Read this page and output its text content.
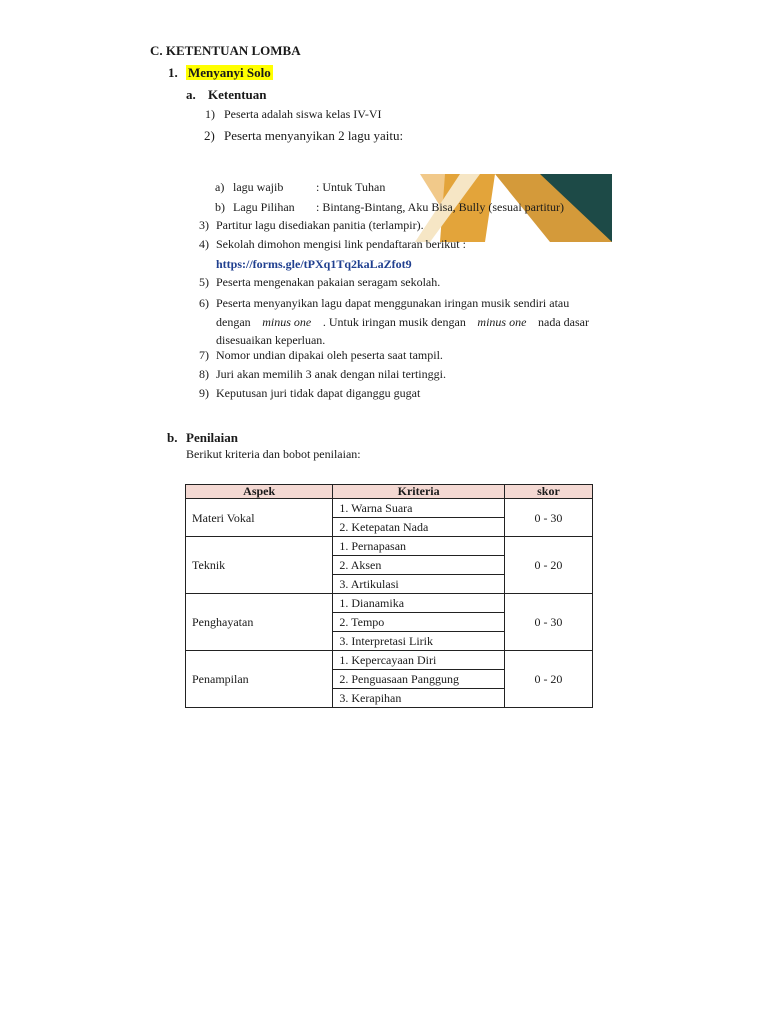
C. KETENTUAN LOMBA
1. Menyanyi Solo
a. Ketentuan
1) Peserta adalah siswa kelas IV-VI
2) Peserta menyanyikan 2 lagu yaitu:
a) lagu wajib	: Untuk Tuhan
b) Lagu Pilihan : Bintang-Bintang, Aku Bisa, Bully (sesuai partitur)
3) Partitur lagu disediakan panitia (terlampir).
4) Sekolah dimohon mengisi link pendaftaran berikut :
https://forms.gle/tPXq1Tq2kaLaZfot9
5) Peserta mengenakan pakaian seragam sekolah.
6) Peserta menyanyikan lagu dapat menggunakan iringan musik sendiri atau
dengan minus one . Untuk iringan musik dengan minus one nada dasar
disesuaikan keperluan.
7) Nomor undian dipakai oleh peserta saat tampil.
8) Juri akan memilih 3 anak dengan nilai tertinggi.
9) Keputusan juri tidak dapat diganggu gugat
b. Penilaian
Berikut kriteria dan bobot penilaian:
Aspek	Kriteria	skor
Materi Vokal	1. Warna Suara	0 - 30
	2. Ketepatan Nada	
Teknik	1. Pernapasan	0 - 20
	2. Aksen	
	3. Artikulasi	
Penghayatan	1. Dianamika	0 - 30
	2. Tempo	
	3. Interpretasi Lirik	
Penampilan	1. Kepercayaan Diri	0 - 20
	2. Penguasaan Panggung	
	3. Kerapihan	
